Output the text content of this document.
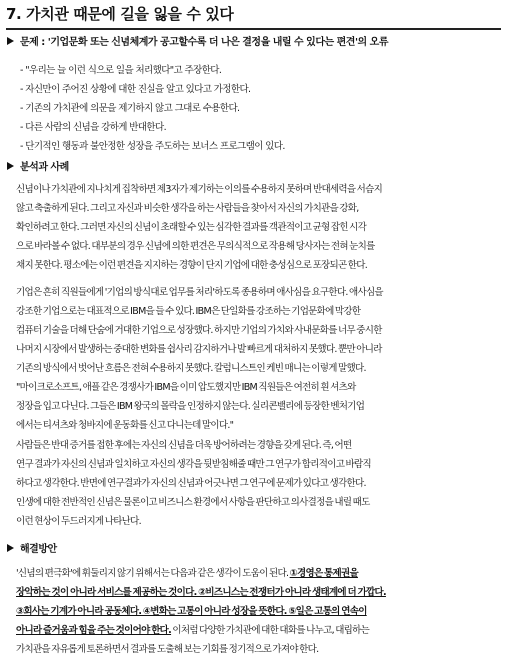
7. 가치관 때문에 길을 잃을 수 있다
문제 : '기업문화 또는 신념체계가 공고할수록 더 나은 결정을 내릴 수 있다는 편견'의 오류
- "우리는 늘 이런 식으로 일을 처리했다"고 주장한다.
- 자신만이 주어진 상황에 대한 진실을 알고 있다고 가정한다.
- 기존의 가치관에 의문을 제기하지 않고 그대로 수용한다.
- 다른 사람의 신념을 강하게 반대한다.
- 단기적인 행동과 불안정한 성장을 주도하는 보너스 프로그램이 있다.
분석과 사례
신념이나 가치관에 지나치게 집착하면 제3자가 제기하는 이의를 수용하지 못하며 반대세력을 서슴지
않고 축출하게 된다. 그리고 자신과 비슷한 생각을 하는 사람들을 찾아서 자신의 가치관을 강화,
확인하려고 한다. 그러면 자신의 신념이 초래할 수 있는 심각한 결과를 객관적이고 균형 잡힌 시각
으로 바라볼 수 없다. 대부분의 경우 신념에 의한 편견은 무의식적으로 작용해 당사자는 전혀 눈치를
채지 못한다. 평소에는 이런 편견을 지지하는 경향이 단지 기업에 대한 충성심으로 포장되곤 한다.
기업은 흔히 직원들에게 '기업의 방식대로 업무를 처리'하도록 종용하며 애사심을 요구한다. 애사심을
강조한 기업으로는 대표적으로 IBM을 들 수 있다. IBM은 단일화를 강조하는 기업문화에 막강한
컴퓨터 기술을 더해 단숨에 거대한 기업으로 성장했다. 하지만 기업의 가치와 사내문화를 너무 중시한
나머지 시장에서 발생하는 중대한 변화를 쉽사리 감지하거나 발 빠르게 대처하지 못했다. 뿐만 아니라
기존의 방식에서 벗어난 흐름은 전혀 수용하지 못했다. 칼럼니스트인 케빈 매니는 이렇게 말했다.
"마이크로소프트, 애플 같은 경쟁사가 IBM을 이미 압도했지만 IBM 직원들은 여전히 흰 셔츠와
정장을 입고 다닌다. 그들은 IBM 왕국의 몰락을 인정하지 않는다. 실리콘밸리에 등장한 벤처기업
에서는 티셔츠와 청바지에 운동화를 신고 다니는데 말이다."
사람들은 반대 증거를 접한 후에는 자신의 신념을 더욱 방어하려는 경향을 갖게 된다. 즉, 어떤
연구 결과가 자신의 신념과 일치하고 자신의 생각을 뒷받침해줄 때만 그 연구가 합리적이고 바람직
하다고 생각한다. 반면에 연구결과가 자신의 신념과 어긋나면 그 연구에 문제가 있다고 생각한다.
인생에 대한 전반적인 신념은 물론이고 비즈니스 환경에서 사항을 판단하고 의사결정을 내릴 때도
이런 현상이 두드러지게 나타난다.
해결방안
'신념의 편극화'에 휘둘리지 않기 위해서는 다음과 같은 생각이 도움이 된다. ①경영은 통제권을
장악하는 것이 아니라 서비스를 제공하는 것이다. ②비즈니스는 전쟁터가 아니라 생태계에 더 가깝다.
③회사는 기계가 아니라 공동체다. ④변화는 고통이 아니라 성장을 뜻한다. ⑤일은 고통의 연속이
아니라 즐거움과 힘을 주는 것이어야 한다. 이처럼 다양한 가치관에 대한 대화를 나누고, 대립하는
가치관을 자유롭게 토론하면서 결과를 도출해 보는 기회를 정기적으로 가져야 한다.
